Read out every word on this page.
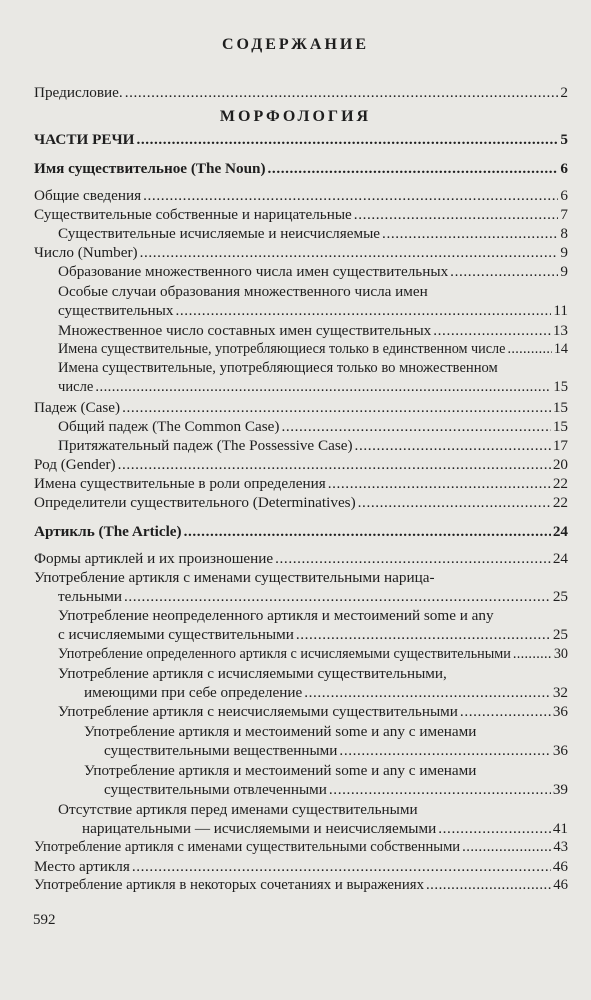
СОДЕРЖАНИЕ
МОРФОЛОГИЯ
Предисловие. . . .	2
ЧАСТИ РЕЧИ . . .	5
Имя существительное (The Noun) . . .	6
Общие сведения . . .	6
Существительные собственные и нарицательные . . .	7
Существительные исчисляемые и неисчисляемые . . .	8
Число (Number) . . .	9
Образование множественного числа имен существительных . . .	9
Особые случаи образования множественного числа имен
существительных . . .	11
Множественное число составных имен существительных . . .	13
Имена существительные, употребляющиеся только в единственном числе . . .	14
Имена существительные, употребляющиеся только во множественном
числе . . .	15
Падеж (Case) . . .	15
Общий падеж (The Common Case) . . .	15
Притяжательный падеж (The Possessive Case) . . .	17
Род (Gender) . . .	20
Имена существительные в роли определения . . .	22
Определители существительного (Determinatives) . . .	22
Артикль (The Article) . . .	24
Формы артиклей и их произношение . . .	24
Употребление артикля с именами существительными нарица-
тельными . . .	25
Употребление неопределенного артикля и местоимений some и any
с исчисляемыми существительными . . .	25
Употребление определенного артикля с исчисляемыми существительными . . .	30
Употребление артикля с исчисляемыми существительными,
имеющими при себе определение . . .	32
Употребление артикля с неисчисляемыми существительными . . .	36
Употребление артикля и местоимений some и any с именами
существительными вещественными . . .	36
Употребление артикля и местоимений some и any с именами
существительными отвлеченными . . .	39
Отсутствие артикля перед именами существительными
нарицательными — исчисляемыми и неисчисляемыми . . .	41
Употребление артикля с именами существительными собственными . . .	43
Место артикля . . .	46
Употребление артикля в некоторых сочетаниях и выражениях . . .	46
592
